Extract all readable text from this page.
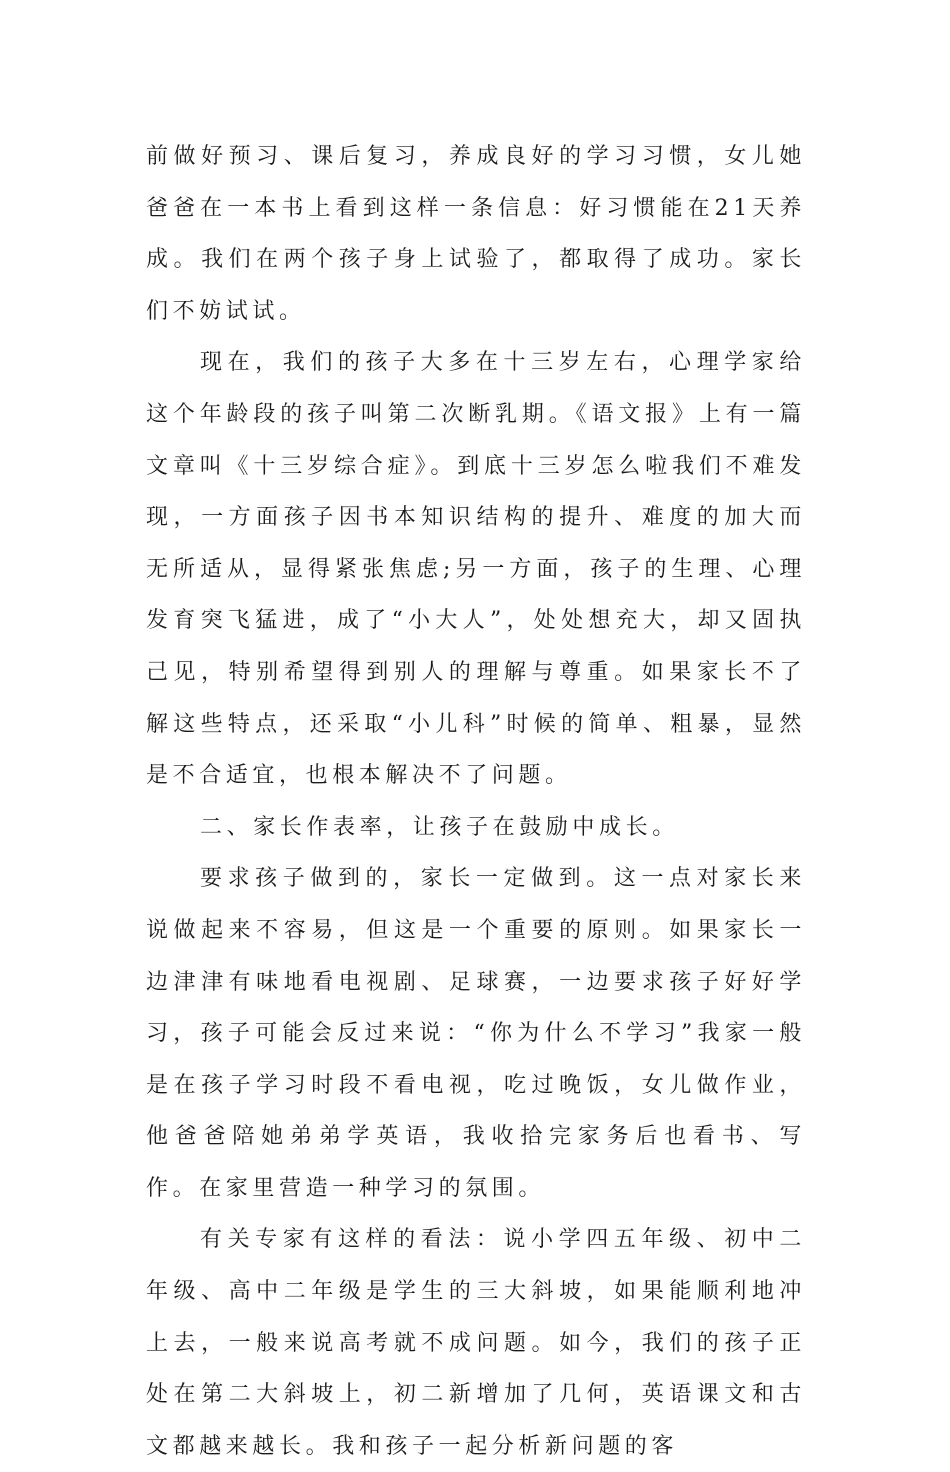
前做好预习、课后复习，养成良好的学习习惯，女儿她爸爸在一本书上看到这样一条信息：好习惯能在21天养成。我们在两个孩子身上试验了，都取得了成功。家长们不妨试试。

现在，我们的孩子大多在十三岁左右，心理学家给这个年龄段的孩子叫第二次断乳期。《语文报》上有一篇文章叫《十三岁综合症》。到底十三岁怎么啦我们不难发现，一方面孩子因书本知识结构的提升、难度的加大而无所适从，显得紧张焦虑;另一方面，孩子的生理、心理发育突飞猛进，成了“小大人”，处处想充大，却又固执己见，特别希望得到别人的理解与尊重。如果家长不了解这些特点，还采取“小儿科”时候的简单、粗暴，显然是不合适宜，也根本解决不了问题。

二、家长作表率，让孩子在鼓励中成长。

要求孩子做到的，家长一定做到。这一点对家长来说做起来不容易，但这是一个重要的原则。如果家长一边津津有味地看电视剧、足球赛，一边要求孩子好好学习，孩子可能会反过来说：“你为什么不学习”我家一般是在孩子学习时段不看电视，吃过晚饭，女儿做作业，他爸爸陪她弟弟学英语，我收拾完家务后也看书、写作。在家里营造一种学习的氛围。

有关专家有这样的看法：说小学四五年级、初中二年级、高中二年级是学生的三大斜坡，如果能顺利地冲上去，一般来说高考就不成问题。如今，我们的孩子正处在第二大斜坡上，初二新增加了几何，英语课文和古文都越来越长。我和孩子一起分析新问题的客
